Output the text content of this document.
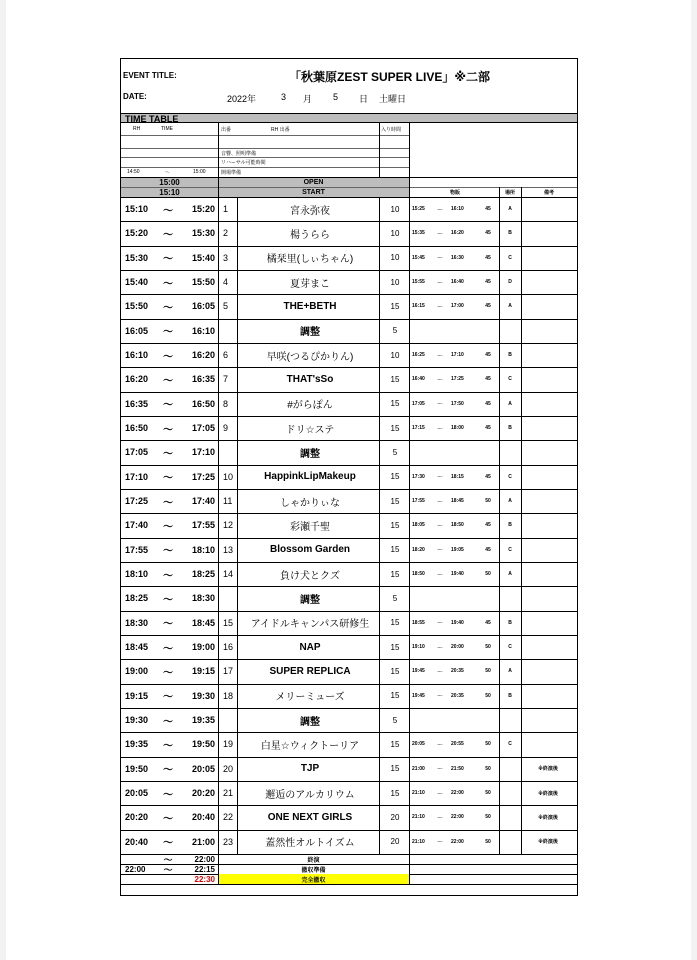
EVENT TITLE:	「秋葉原ZEST SUPER LIVE」※二部
DATE:	2022年	3 月 5 日 土曜日
TIME TABLE
RH	TIME	出番	RH 出番	入り時間
音響、照明準備
リハーサル可能時間
14:50	〜	15:00	開場準備
15:00	OPEN
15:10	START	物販	場所	備考
15:10	〜	15:20 1	宮永弥夜	10	15:25	〜	16:10	45	A
15:20	〜	15:30 2	楊うらら	10	15:35	〜	16:20	45	B
15:30	〜	15:40 3	橘栞里(しぃちゃん)	10	15:45	〜	16:30	45	C
15:40	〜	15:50 4	夏芽まこ	10	15:55	〜	16:40	45	D
15:50	〜	16:05 5	THE+BETH	15	16:15	〜	17:00	45	A
16:05	〜	16:10	調整	5
16:10	〜	16:20 6	早咲(つるぴかりん)	10	16:25	〜	17:10	45	B
16:20	〜	16:35 7	THAT'sSo	15	16:40	〜	17:25	45	C
16:35	〜	16:50 8	#がらぽん	15	17:05	〜	17:50	45	A
16:50	〜	17:05 9	ドリ☆ステ	15	17:15	〜	18:00	45	B
17:05	〜	17:10	調整	5
17:10	〜	17:25 10	HappinkLipMakeup	15	17:30	〜	18:15	45	C
17:25	〜	17:40 11	しゃかりぃな	15	17:55	〜	18:45	50	A
17:40	〜	17:55 12	彩瀬千聖	15	18:05	〜	18:50	45	B
17:55	〜	18:10 13	Blossom Garden	15	18:20	〜	19:05	45	C
18:10	〜	18:25 14	負け犬とクズ	15	18:50	〜	19:40	50	A
18:25	〜	18:30	調整	5
18:30	〜	18:45 15	アイドルキャンパス研修生	15	18:55	〜	19:40	45	B
18:45	〜	19:00 16	NAP	15	19:10	〜	20:00	50	C
19:00	〜	19:15 17	SUPER REPLICA	15	19:45	〜	20:35	50	A
19:15	〜	19:30 18	メリーミューズ	15	19:45	〜	20:35	50	B
19:30	〜	19:35	調整	5
19:35	〜	19:50 19	白星☆ウィクトーリア	15	20:05	〜	20:55	50	C
19:50	〜	20:05 20	TJP	15	21:00	〜	21:50	50	※終演後
20:05	〜	20:20 21	邂逅のアルカリウム	15	21:10	〜	22:00	50	※終演後
20:20	〜	20:40 22	ONE NEXT GIRLS	20	21:10	〜	22:00	50	※終演後
20:40	〜	21:00 23	蓋然性オルトイズム	20	21:10	〜	22:00	50	※終演後
〜	22:00	終演
22:00	〜	22:15	撤収準備
22:30	完全撤収
